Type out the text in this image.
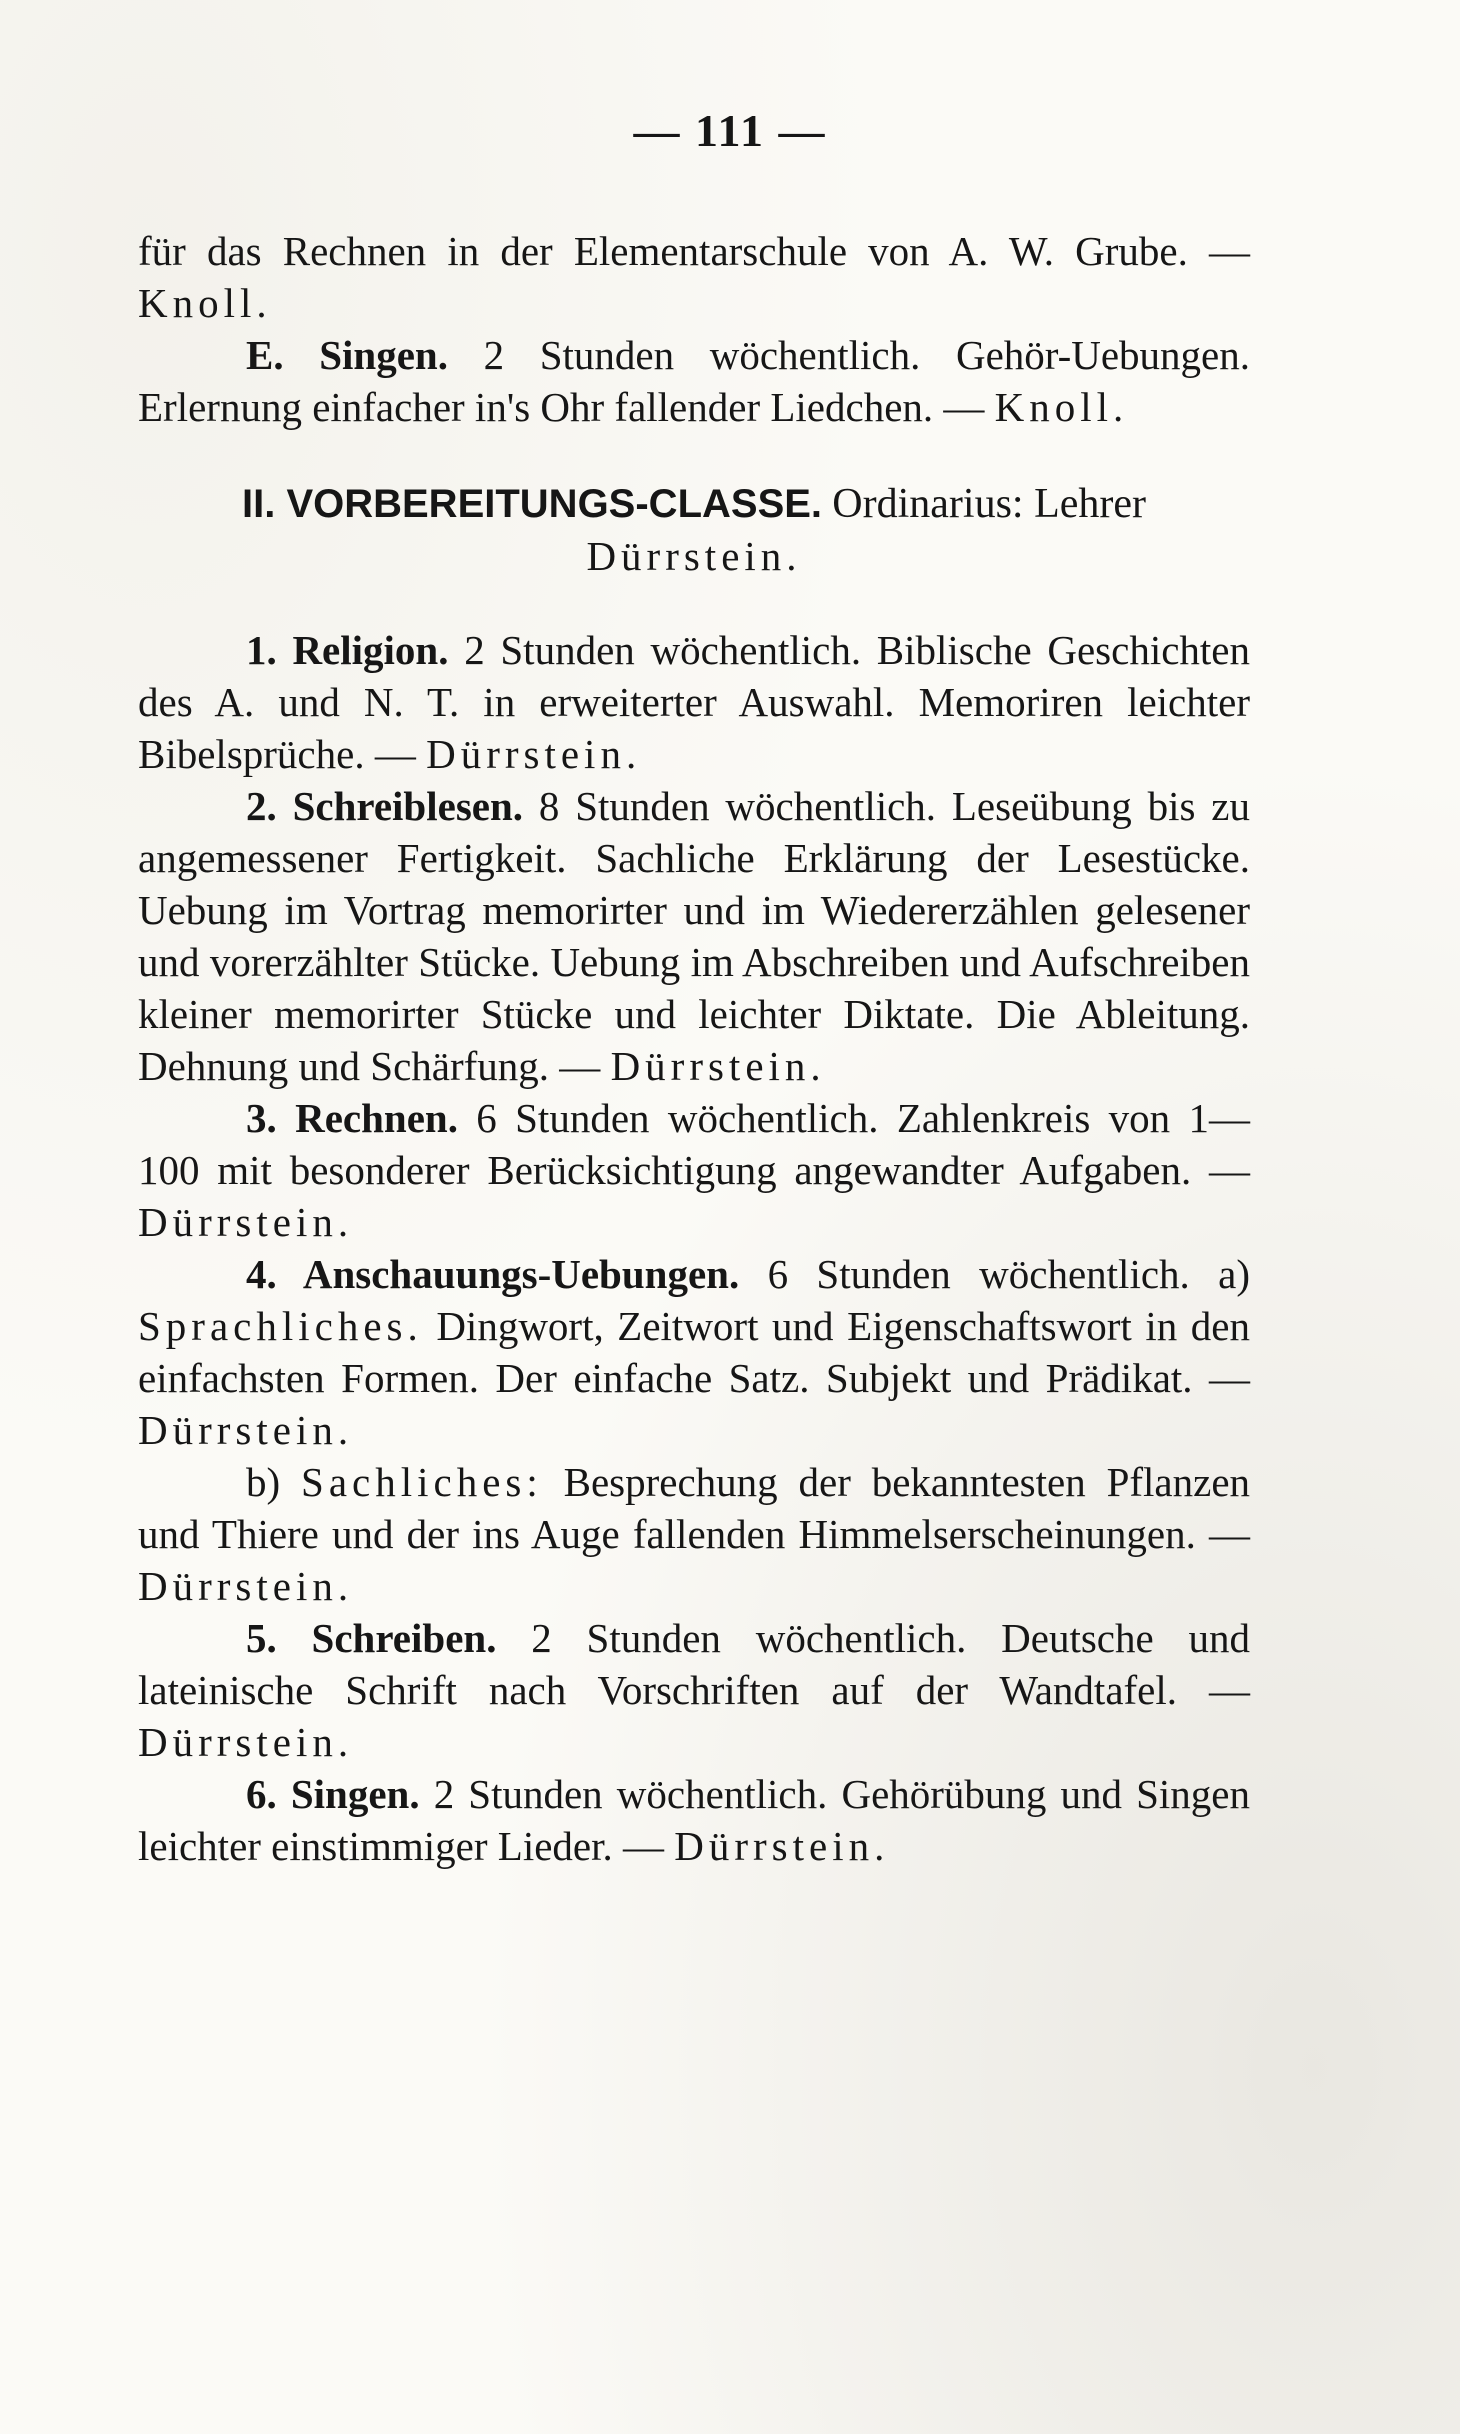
— 111 —

für das Rechnen in der Elementarschule von A. W. Grube. — Knoll.

E. Singen. 2 Stunden wöchentlich. Gehör-Uebungen. Erlernung einfacher in's Ohr fallender Liedchen. — Knoll.

II. VORBEREITUNGS-CLASSE. Ordinarius: Lehrer
Dürrstein.

1. Religion. 2 Stunden wöchentlich. Biblische Geschichten des A. und N. T. in erweiterter Auswahl. Memoriren leichter Bibelsprüche. — Dürrstein.

2. Schreiblesen. 8 Stunden wöchentlich. Leseübung bis zu angemessener Fertigkeit. Sachliche Erklärung der Lesestücke. Uebung im Vortrag memorirter und im Wiedererzählen gelesener und vorerzählter Stücke. Uebung im Abschreiben und Aufschreiben kleiner memorirter Stücke und leichter Diktate. Die Ableitung. Dehnung und Schärfung. — Dürrstein.

3. Rechnen. 6 Stunden wöchentlich. Zahlenkreis von 1—100 mit besonderer Berücksichtigung angewandter Aufgaben. — Dürrstein.

4. Anschauungs-Uebungen. 6 Stunden wöchentlich. a) Sprachliches. Dingwort, Zeitwort und Eigenschaftswort in den einfachsten Formen. Der einfache Satz. Subjekt und Prädikat. — Dürrstein.

b) Sachliches: Besprechung der bekanntesten Pflanzen und Thiere und der ins Auge fallenden Himmelserscheinungen. — Dürrstein.

5. Schreiben. 2 Stunden wöchentlich. Deutsche und lateinische Schrift nach Vorschriften auf der Wandtafel. — Dürrstein.

6. Singen. 2 Stunden wöchentlich. Gehörübung und Singen leichter einstimmiger Lieder. — Dürrstein.
